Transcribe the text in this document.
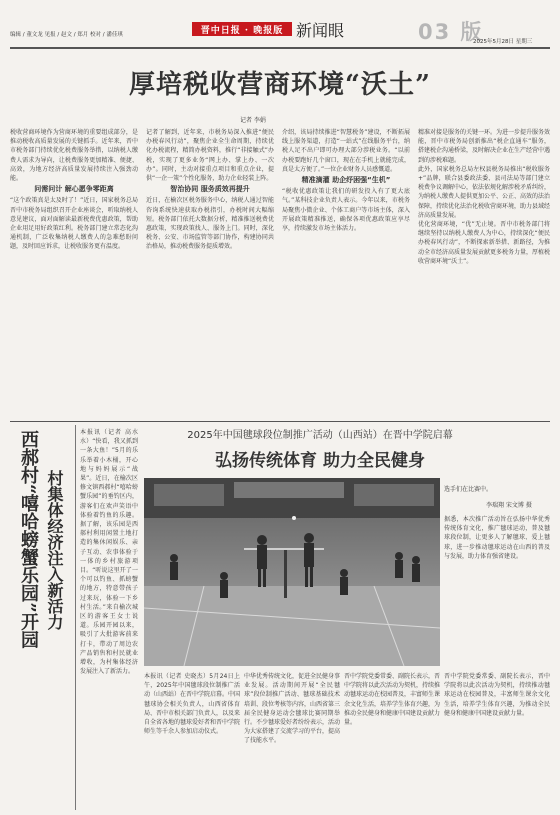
编辑 / 董文龙 见报 / 赵文 / 郑月 校对 / 潘佳琪	晋中日报 · 晚报版 新闻眼	03 版
2025年5月28日 星期三
厚培税收营商环境“沃土”
记者 李娟
税收营商环境作为营商环境的重要组成部分，是推动税收高质量发展的关键抓手。近年来，晋中市税务部门持续优化税费服务举措，以纳税人缴费人需求为导向，让税费服务更加精准、便捷、高效，为地方经济高质量发展持续注入强劲动能。
问需问计 解心愿争零距离
“这个政策真是太及时了！”近日，国家税务总局晋中市税务局组织召开企业座谈会，听取纳税人意见建议，面对面解读最新税费优惠政策，帮助企业用足用好政策红利。税务部门建立常态化沟通机制，广泛收集纳税人缴费人的急难愁盼问题，及时回应诉求，让税收服务更有温度。
记者了解到，近年来，市税务局深入推进“便民办税春风行动”，聚焦企业全生命周期，持续优化办税流程，精简办税资料，推行“非接触式”办税，实现了更多业务“网上办、掌上办、一次办”。同时，主动对接重点项目和重点企业，提供“一企一策”个性化服务，助力企业轻装上阵。
智治协同 服务质效再提升
近日，在榆次区税务服务中心，纳税人通过智能咨询系统快速获取办税指引，办税时间大幅缩短。税务部门依托大数据分析，精准推送税费优惠政策，实现政策找人、服务上门。同时，深化税务、公安、市场监管等部门协作，构建协同共治格局，推动税费服务提质增效。
介绍，该局持续推进“智慧税务”建设，不断拓展线上服务渠道，打造“一站式”在线服务平台，纳税人足不出户即可办理大部分涉税业务。“以前办税要跑好几个窗口，现在在手机上就能完成，真是太方便了。”一位企业财务人员感慨道。
精准滴灌 助企纾困强“生机”
“税收优惠政策让我们的研发投入有了更大底气。”某科技企业负责人表示。今年以来，市税务局聚焦小微企业、个体工商户等市场主体，深入开展政策精准推送，确保各项优惠政策应享尽享，持续激发市场主体活力。
精准对接是服务的关键一环。为进一步提升服务效能，晋中市税务局创新推出“税企直通车”服务，搭建税企沟通桥梁，及时解决企业在生产经营中遇到的涉税难题。
此外，国家税务总局左权县税务局推出“税收服务+”品牌，联合县委政法委、县司法局等部门建立税费争议调解中心，依法依规化解涉税矛盾纠纷，为纳税人缴费人提供更加公平、公正、高效的法治保障，持续优化法治化税收营商环境，助力县域经济高质量发展。
优化营商环境，“优”无止境。晋中市税务部门将继续坚持以纳税人缴费人为中心，持续深化“便民办税春风行动”，不断探索新举措、新路径，为推动全市经济高质量发展贡献更多税务力量，厚植税收营商环境“沃土”。
西郝村“嘻哈螃蟹乐园”开园 村集体经济注入新活力
本报讯（记者 高水水）“快看，我又抓到一条大鱼！”5月的乐乐举着小木桶，开心地与妈妈展示“战果”。近日，在榆次区修文镇西郝村“嘻哈螃蟹乐园”的垂钓区内，游客们在欢声笑语中体验着钓鱼的乐趣。据了解，该乐园是西郝村利用闲置土地打造的集休闲娱乐、亲子互动、农事体验于一体的乡村旅游项目。“听说这里开了一个可以钓鱼、抓螃蟹的地方，特意带孩子过来玩，体验一下乡村生活。”来自榆次城区的游客王女士说道。乐园开园以来，吸引了大批游客前来打卡，带动了周边农产品销售和村民就业增收，为村集体经济发展注入了新活力。
2025年中国毽球段位制推广活动（山西站）在晋中学院启幕
弘扬传统体育 助力全民健身
选手们在比赛中。
李瑞翔 宋文博 摄
据悉，本次推广活动旨在弘扬中华优秀传统体育文化，推广毽球运动，普及毽球段位制，让更多人了解毽球、爱上毽球，进一步推动毽球运动在山西的普及与发展，助力体育强省建设。
本报讯（记者 史晓杰）5月24日上午，2025年中国毽球段位制推广活动（山西站）在晋中学院启幕。中国毽球协会相关负责人，山西省体育局、晋中市相关部门负责人，以及来自全省各地的毽球爱好者和晋中学院师生等千余人参加启动仪式。
中华优秀传统文化，促进全民健身事业发展。活动期间开展“全民毽球”段位制推广活动、毽球基础技术培训、段位考核等内容，山西省第三届全民健身运动会毽球比赛同期举行。不少毽球爱好者纷纷表示，活动为大家搭建了交流学习的平台，提高了技能水平。
晋中学院党委常委、副院长表示，晋中学院将以此次活动为契机，持续推动毽球运动在校园普及，丰富师生课余文化生活，培养学生体育兴趣，为推动全民健身和健康中国建设贡献力量。
晋中学院党委常委、副院长表示，晋中学院将以此次活动为契机，持续推动毽球运动在校园普及，丰富师生课余文化生活，培养学生体育兴趣，为推动全民健身和健康中国建设贡献力量。
